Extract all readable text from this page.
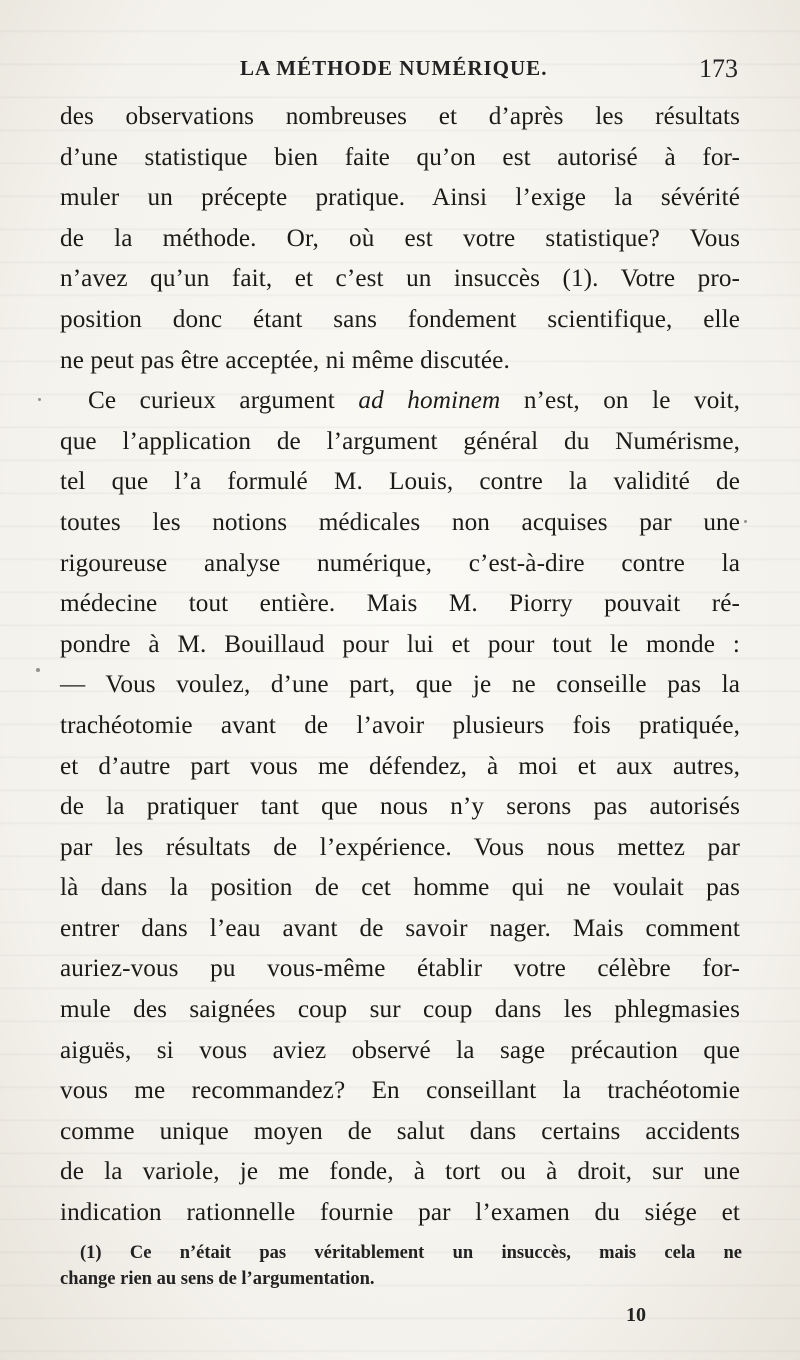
LA MÉTHODE NUMÉRIQUE.	173
des observations nombreuses et d’après les résultats
d’une statistique bien faite qu’on est autorisé à for-
muler un précepte pratique. Ainsi l’exige la sévérité
de la méthode. Or, où est votre statistique? Vous
n’avez qu’un fait, et c’est un insuccès (1). Votre pro-
position donc étant sans fondement scientifique, elle
ne peut pas être acceptée, ni même discutée.
Ce curieux argument ad hominem n’est, on le voit,
que l’application de l’argument général du Numérisme,
tel que l’a formulé M. Louis, contre la validité de
toutes les notions médicales non acquises par une
rigoureuse analyse numérique, c’est-à-dire contre la
médecine tout entière. Mais M. Piorry pouvait ré-
pondre à M. Bouillaud pour lui et pour tout le monde :
— Vous voulez, d’une part, que je ne conseille pas la
trachéotomie avant de l’avoir plusieurs fois pratiquée,
et d’autre part vous me défendez, à moi et aux autres,
de la pratiquer tant que nous n’y serons pas autorisés
par les résultats de l’expérience. Vous nous mettez par
là dans la position de cet homme qui ne voulait pas
entrer dans l’eau avant de savoir nager. Mais comment
auriez-vous pu vous-même établir votre célèbre for-
mule des saignées coup sur coup dans les phlegmasies
aiguës, si vous aviez observé la sage précaution que
vous me recommandez? En conseillant la trachéotomie
comme unique moyen de salut dans certains accidents
de la variole, je me fonde, à tort ou à droit, sur une
indication rationnelle fournie par l’examen du siége et
(1) Ce n’était pas véritablement un insuccès, mais cela ne
change rien au sens de l’argumentation.
10
